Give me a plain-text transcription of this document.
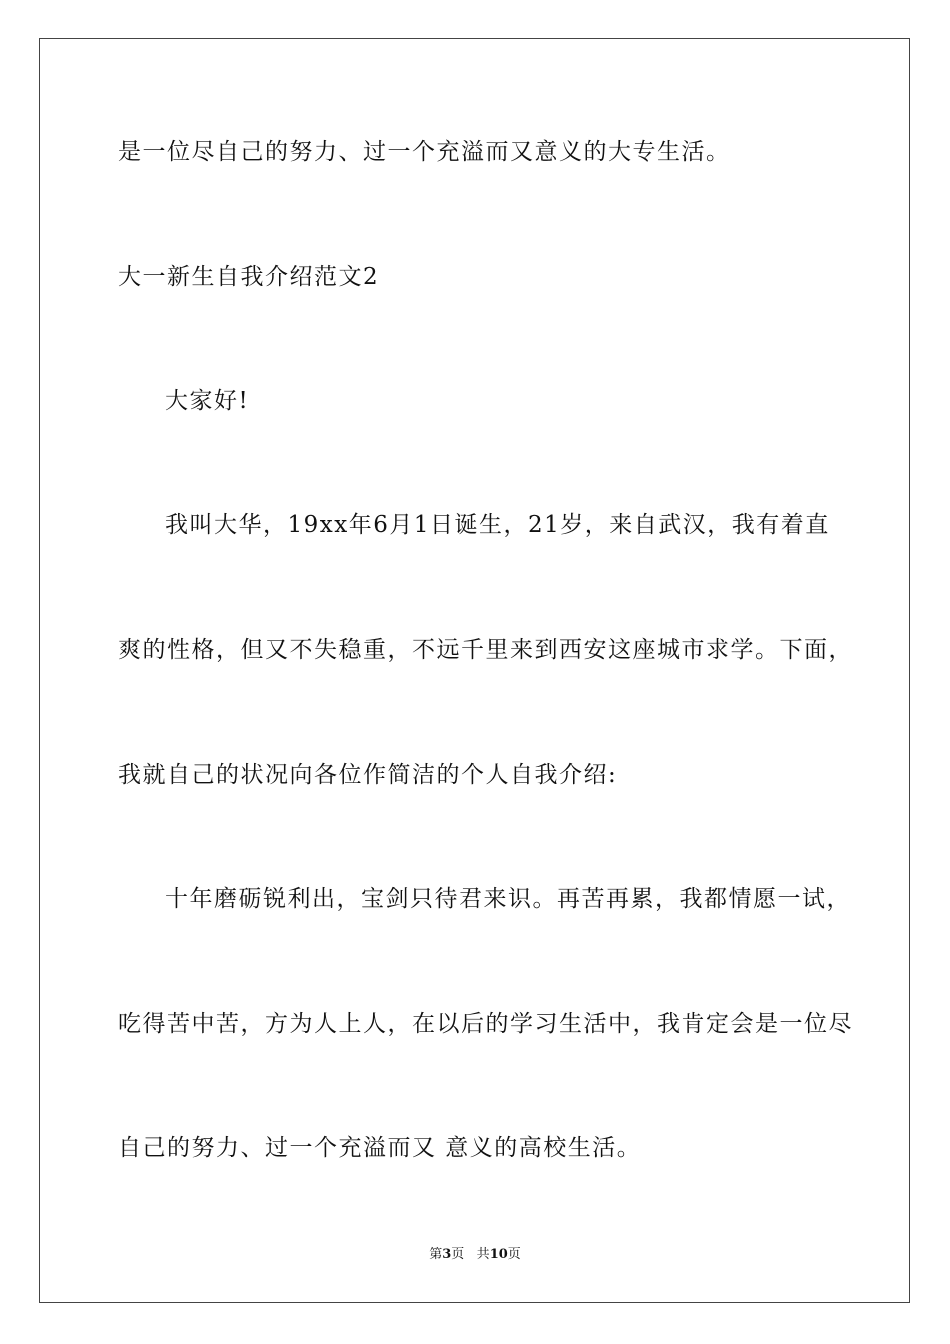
是一位尽自己的努力、过一个充溢而又意义的大专生活。
大一新生自我介绍范文2
大家好!
我叫大华，19xx年6月1日诞生，21岁，来自武汉，我有着直
爽的性格，但又不失稳重，不远千里来到西安这座城市求学。下面，
我就自己的状况向各位作简洁的个人自我介绍:
十年磨砺锐利出，宝剑只待君来识。再苦再累，我都情愿一试，
吃得苦中苦，方为人上人，在以后的学习生活中，我肯定会是一位尽
自己的努力、过一个充溢而又 意义的高校生活。
第3页 共10页
